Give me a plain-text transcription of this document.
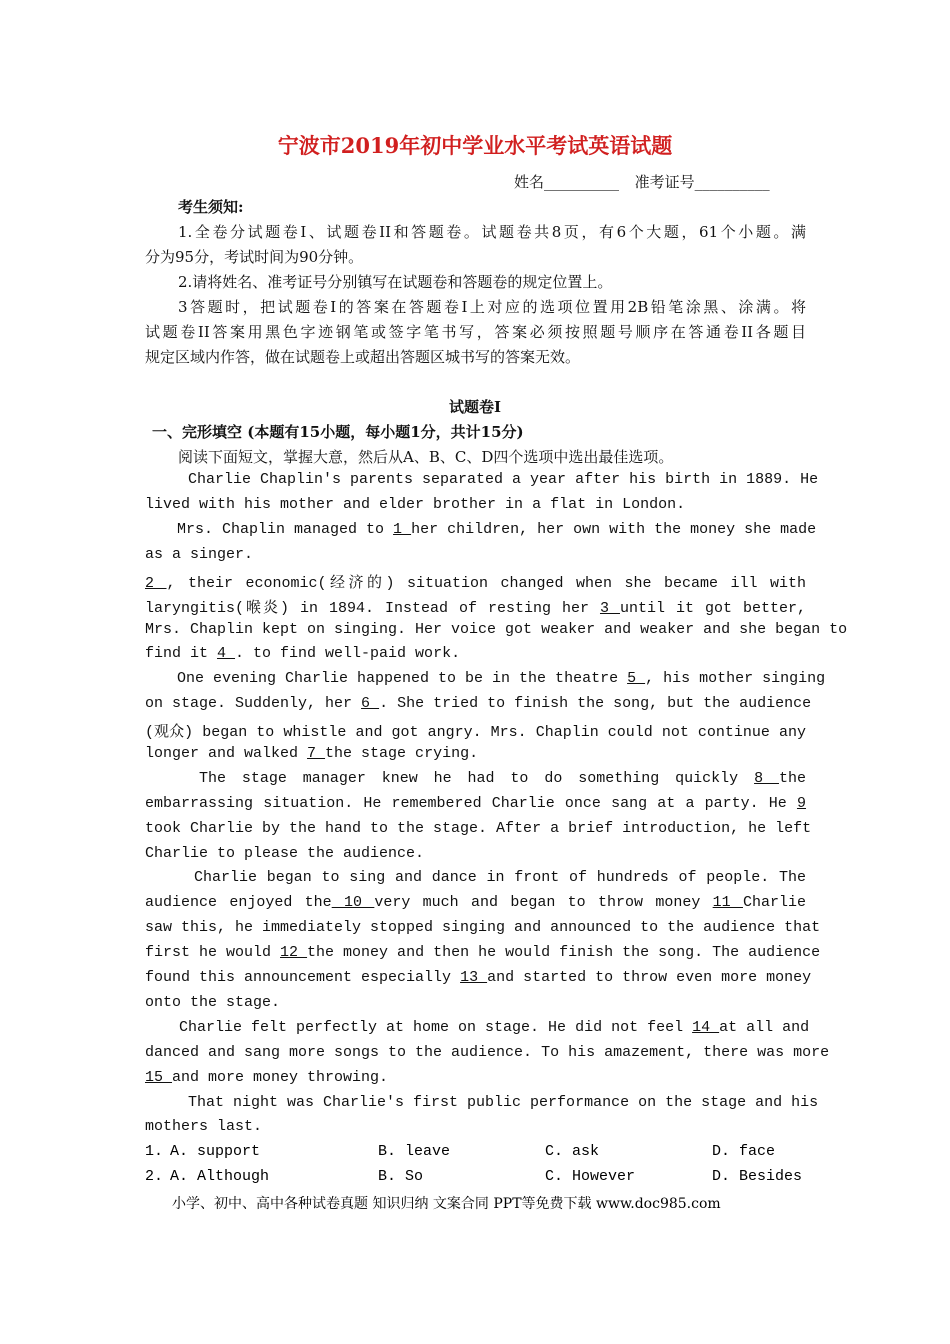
宁波市2019年初中学业水平考试英语试题
姓名__________ 准考证号__________
考生须知:
1.全卷分试题卷I、试题卷II和答题卷。试题卷共8页，有6个大题，61个小题。满
分为95分，考试时间为90分钟。
2.请将姓名、准考证号分别镇写在试题卷和答题卷的规定位置上。
3答题时，把试题卷I的答案在答题卷I上对应的选项位置用2B铅笔涂黑、涂满。将
试题卷II答案用黑色字迹钢笔或签字笔书写，答案必须按照题号顺序在答通卷II各题目
规定区域内作答，做在试题卷上或超出答题区城书写的答案无效。
试题卷I
一、完形填空 (本题有15小题，每小题1分，共计15分)
阅读下面短文，掌握大意，然后从A、B、C、D四个选项中选出最佳选项。
Charlie Chaplin's parents separated a year after his birth in 1889. He
lived with his mother and elder brother in a flat in London.
Mrs. Chaplin managed to 1 her children, her own with the money she made
as a singer.
2 , their economic(经济的) situation changed when she became ill with
laryngitis(喉炎) in 1894. Instead of resting her 3 until it got better,
Mrs. Chaplin kept on singing. Her voice got weaker and weaker and she began to
find it 4 . to find well-paid work.
One evening Charlie happened to be in the theatre 5 , his mother singing
on stage. Suddenly, her 6 . She tried to finish the song, but the audience
(观众) began to whistle and got angry. Mrs. Chaplin could not continue any
longer and walked 7 the stage crying.
The stage manager knew he had to do something quickly 8 the
embarrassing situation. He remembered Charlie once sang at a party. He 9
took Charlie by the hand to the stage. After a brief introduction, he left
Charlie to please the audience.
Charlie began to sing and dance in front of hundreds of people. The
audience enjoyed the 10 very much and began to throw money 11 Charlie
saw this, he immediately stopped singing and announced to the audience that
first he would 12 the money and then he would finish the song. The audience
found this announcement especially 13 and started to throw even more money
onto the stage.
Charlie felt perfectly at home on stage. He did not feel 14 at all and
danced and sang more songs to the audience. To his amazement, there was more
15 and more money throwing.
That night was Charlie's first public performance on the stage and his
mothers last.
1. A. support	B. leave	C. ask	D. face
2. A. Although	B. So	C. However	D. Besides
小学、初中、高中各种试卷真题 知识归纳 文案合同 PPT等免费下载 www.doc985.com
